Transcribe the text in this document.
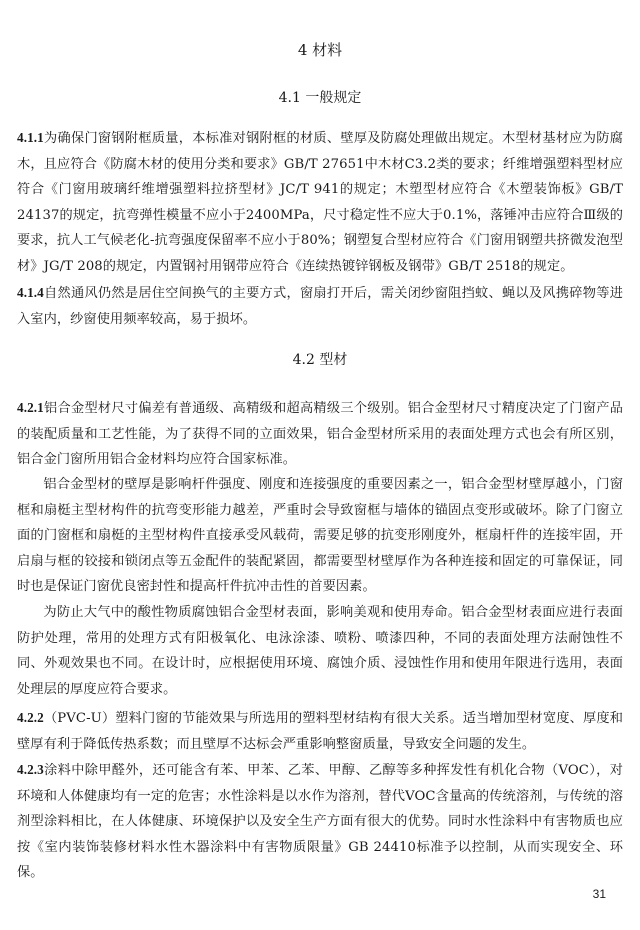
4 材料
4.1 一般规定
4.1.1为确保门窗钢附框质量，本标准对钢附框的材质、壁厚及防腐处理做出规定。木型材基材应为防腐木，且应符合《防腐木材的使用分类和要求》GB/T 27651中木材C3.2类的要求；纤维增强塑料型材应符合《门窗用玻璃纤维增强塑料拉挤型材》JC/T 941的规定；木塑型材应符合《木塑装饰板》GB/T 24137的规定，抗弯弹性模量不应小于2400MPa，尺寸稳定性不应大于0.1%，落锤冲击应符合Ⅲ级的要求，抗人工气候老化-抗弯强度保留率不应小于80%；钢塑复合型材应符合《门窗用钢塑共挤微发泡型材》JG/T 208的规定，内置钢衬用钢带应符合《连续热镀锌钢板及钢带》GB/T 2518的规定。
4.1.4自然通风仍然是居住空间换气的主要方式，窗扇打开后，需关闭纱窗阻挡蚊、蝇以及风携碎物等进入室内，纱窗使用频率较高，易于损坏。
4.2 型材
4.2.1铝合金型材尺寸偏差有普通级、高精级和超高精级三个级别。铝合金型材尺寸精度决定了门窗产品的装配质量和工艺性能，为了获得不同的立面效果，铝合金型材所采用的表面处理方式也会有所区别，铝合金门窗所用铝合金材料均应符合国家标准。
铝合金型材的壁厚是影响杆件强度、刚度和连接强度的重要因素之一，铝合金型材壁厚越小，门窗框和扇梃主型材构件的抗弯变形能力越差，严重时会导致窗框与墙体的锚固点变形或破坏。除了门窗立面的门窗框和扇梃的主型材构件直接承受风载荷，需要足够的抗变形刚度外，框扇杆件的连接牢固，开启扇与框的铰接和锁闭点等五金配件的装配紧固，都需要型材壁厚作为各种连接和固定的可靠保证，同时也是保证门窗优良密封性和提高杆件抗冲击性的首要因素。
为防止大气中的酸性物质腐蚀铝合金型材表面，影响美观和使用寿命。铝合金型材表面应进行表面防护处理，常用的处理方式有阳极氧化、电泳涂漆、喷粉、喷漆四种，不同的表面处理方法耐蚀性不同、外观效果也不同。在设计时，应根据使用环境、腐蚀介质、浸蚀性作用和使用年限进行选用，表面处理层的厚度应符合要求。
4.2.2（PVC-U）塑料门窗的节能效果与所选用的塑料型材结构有很大关系。适当增加型材宽度、厚度和壁厚有利于降低传热系数；而且壁厚不达标会严重影响整窗质量，导致安全问题的发生。
4.2.3涂料中除甲醛外，还可能含有苯、甲苯、乙苯、甲醇、乙醇等多种挥发性有机化合物（VOC），对环境和人体健康均有一定的危害；水性涂料是以水作为溶剂，替代VOC含量高的传统溶剂，与传统的溶剂型涂料相比，在人体健康、环境保护以及安全生产方面有很大的优势。同时水性涂料中有害物质也应按《室内装饰装修材料水性木器涂料中有害物质限量》GB 24410标准予以控制，从而实现安全、环保。
31
